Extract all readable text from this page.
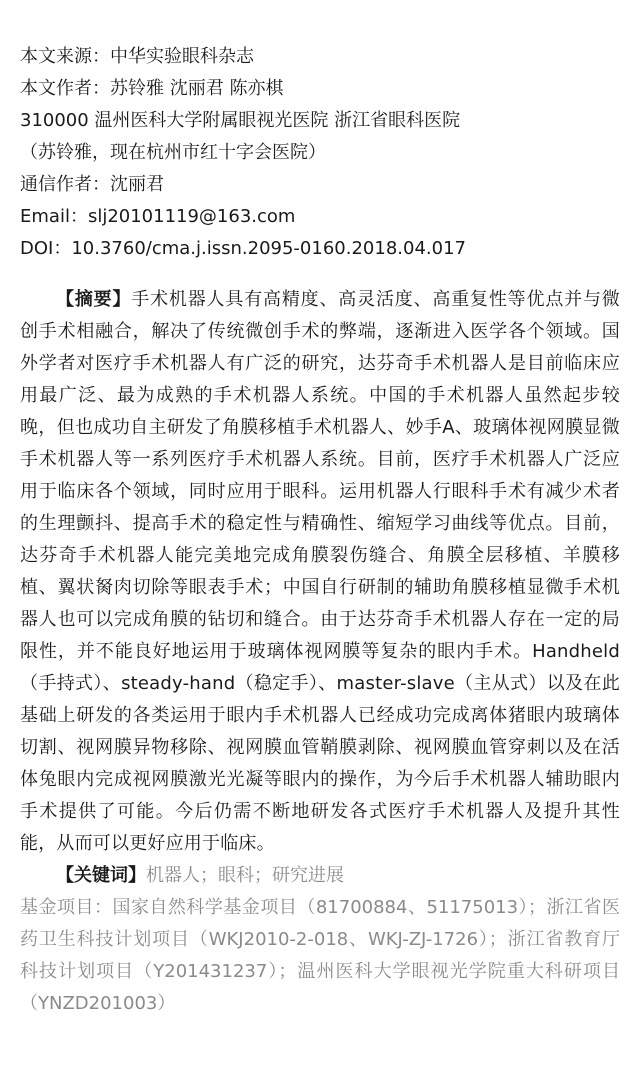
本文来源：中华实验眼科杂志
本文作者：苏铃雅 沈丽君 陈亦棋
310000 温州医科大学附属眼视光医院 浙江省眼科医院
（苏铃雅，现在杭州市红十字会医院）
通信作者：沈丽君
Email：slj20101119@163.com
DOI：10.3760/cma.j.issn.2095-0160.2018.04.017
【摘要】手术机器人具有高精度、高灵活度、高重复性等优点并与微创手术相融合，解决了传统微创手术的弊端，逐渐进入医学各个领域。国外学者对医疗手术机器人有广泛的研究，达芬奇手术机器人是目前临床应用最广泛、最为成熟的手术机器人系统。中国的手术机器人虽然起步较晚，但也成功自主研发了角膜移植手术机器人、妙手A、玻璃体视网膜显微手术机器人等一系列医疗手术机器人系统。目前，医疗手术机器人广泛应用于临床各个领域，同时应用于眼科。运用机器人行眼科手术有减少术者的生理颤抖、提高手术的稳定性与精确性、缩短学习曲线等优点。目前，达芬奇手术机器人能完美地完成角膜裂伤缝合、角膜全层移植、羊膜移植、翼状胬肉切除等眼表手术；中国自行研制的辅助角膜移植显微手术机器人也可以完成角膜的钻切和缝合。由于达芬奇手术机器人存在一定的局限性，并不能良好地运用于玻璃体视网膜等复杂的眼内手术。Handheld（手持式）、steady-hand（稳定手）、master-slave（主从式）以及在此基础上研发的各类运用于眼内手术机器人已经成功完成离体猪眼内玻璃体切割、视网膜异物移除、视网膜血管鞘膜剥除、视网膜血管穿刺以及在活体兔眼内完成视网膜激光光凝等眼内的操作，为今后手术机器人辅助眼内手术提供了可能。今后仍需不断地研发各式医疗手术机器人及提升其性能，从而可以更好应用于临床。
【关键词】机器人；眼科；研究进展
基金项目：国家自然科学基金项目（81700884、51175013）；浙江省医药卫生科技计划项目（WKJ2010-2-018、WKJ-ZJ-1726）；浙江省教育厅科技计划项目（Y201431237）；温州医科大学眼视光学院重大科研项目（YNZD201003）
